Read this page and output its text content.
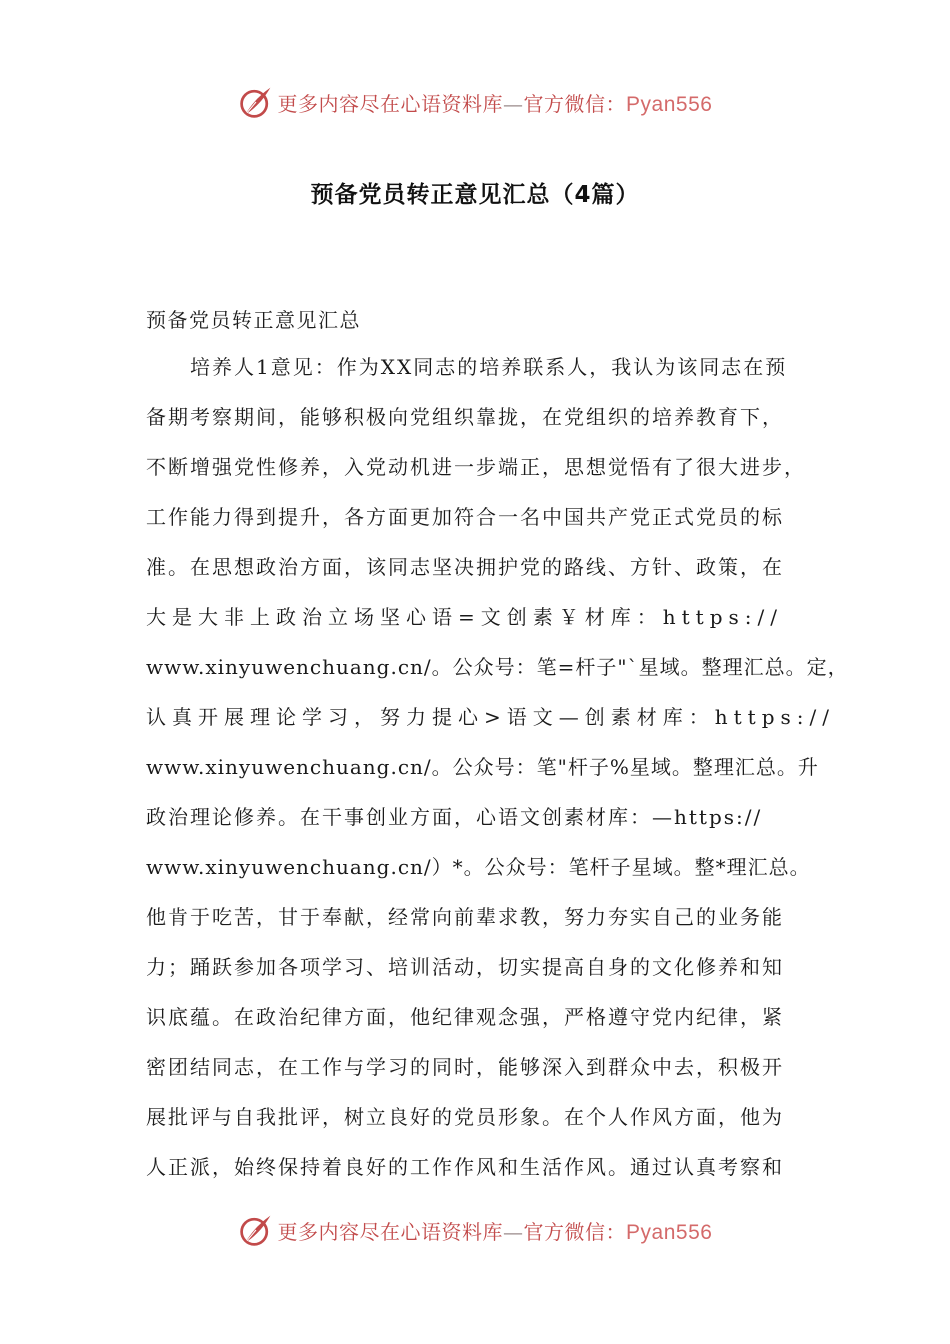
更多内容尽在心语资料库—官方微信：Pyan556
预备党员转正意见汇总（4篇）
预备党员转正意见汇总
培养人1意见：作为XX同志的培养联系人，我认为该同志在预
备期考察期间，能够积极向党组织靠拢，在党组织的培养教育下，
不断增强党性修养，入党动机进一步端正，思想觉悟有了很大进步，
工作能力得到提升，各方面更加符合一名中国共产党正式党员的标
准。在思想政治方面，该同志坚决拥护党的路线、方针、政策，在
大是大非上政治立场坚心语=文创素￥材库：https://
www.xinyuwenchuang.cn/。公众号：笔=杆子"`星域。整理汇总。定，
认真开展理论学习，努力提心>语文—创素材库：https://
www.xinyuwenchuang.cn/。公众号：笔"杆子%星域。整理汇总。升
政治理论修养。在干事创业方面，心语文创素材库：—https://
www.xinyuwenchuang.cn/）*。公众号：笔杆子星域。整*理汇总。
他肯于吃苦，甘于奉献，经常向前辈求教，努力夯实自己的业务能
力；踊跃参加各项学习、培训活动，切实提高自身的文化修养和知
识底蕴。在政治纪律方面，他纪律观念强，严格遵守党内纪律，紧
密团结同志，在工作与学习的同时，能够深入到群众中去，积极开
展批评与自我批评，树立良好的党员形象。在个人作风方面，他为
人正派，始终保持着良好的工作作风和生活作风。通过认真考察和
更多内容尽在心语资料库—官方微信：Pyan556
